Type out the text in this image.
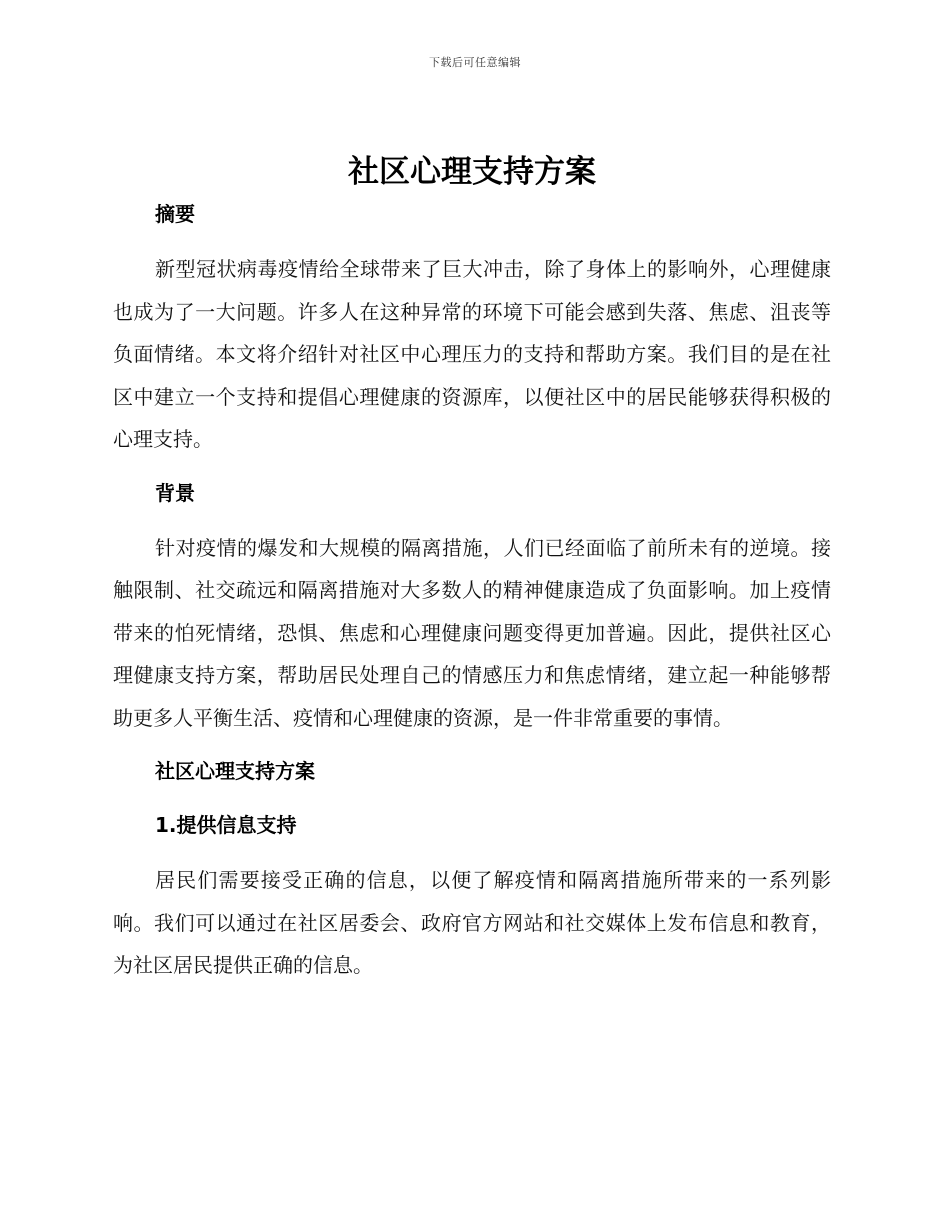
下载后可任意编辑
社区心理支持方案
摘要

新型冠状病毒疫情给全球带来了巨大冲击，除了身体上的影响外，心理健康也成为了一大问题。许多人在这种异常的环境下可能会感到失落、焦虑、沮丧等负面情绪。本文将介绍针对社区中心理压力的支持和帮助方案。我们目的是在社区中建立一个支持和提倡心理健康的资源库，以便社区中的居民能够获得积极的心理支持。

背景

针对疫情的爆发和大规模的隔离措施，人们已经面临了前所未有的逆境。接触限制、社交疏远和隔离措施对大多数人的精神健康造成了负面影响。加上疫情带来的怕死情绪，恐惧、焦虑和心理健康问题变得更加普遍。因此，提供社区心理健康支持方案，帮助居民处理自己的情感压力和焦虑情绪，建立起一种能够帮助更多人平衡生活、疫情和心理健康的资源，是一件非常重要的事情。

社区心理支持方案
1.提供信息支持

居民们需要接受正确的信息，以便了解疫情和隔离措施所带来的一系列影响。我们可以通过在社区居委会、政府官方网站和社交媒体上发布信息和教育，为社区居民提供正确的信息。
